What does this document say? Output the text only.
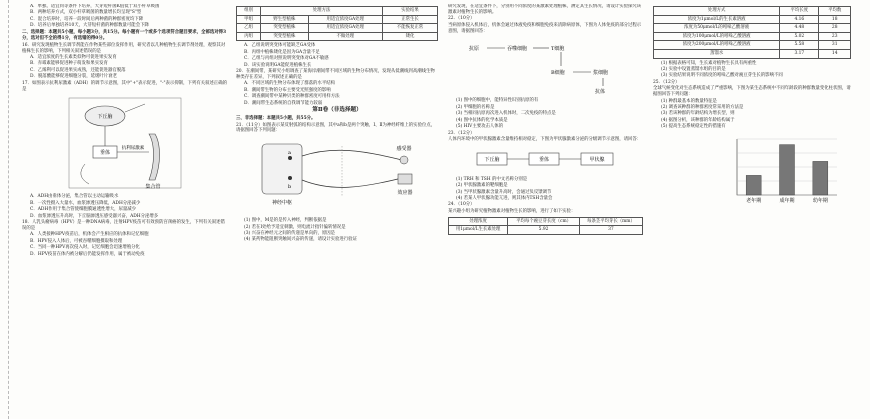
A．单独、适宜同等条件下培养，大芽短杆菌K值低于双小杆草吸菌

B．两种培养方式，双小杆草吸菌的数量增长均呈现"S"型

C．混合培养时，培养一段时间后两种菌的种群密度均下降

D．培养后单独培养10天，大芽短杆菌的种群数量可能会下降

二、选择题：本题共5小题，每小题3分，共15分。每小题有一个或多个选项符合题目要求，全部选对得3分，选对但不全的得1分，有选错的得0分。

16．研究发现植物生长调节剂能在作物某些部位发挥作用，研究者以几种植物生长调节剂处理，观察其对植株生长的影响，下列相关叙述错误的是

A．适宜浓度的生长素类似物可促进果实发育

B．赤霉素能够促进种子萌发和果实发育

C．乙烯利可以促进果实成熟，还能促进器官脱落

D．脱落酸能够促进细胞分裂，延缓叶片衰老

17．如图表示抗利尿激素（ADH）的调节示意图，其中"+"表示促进，"-"表示抑制，下列有关叙述正确的是

下丘脑
垂体
抗利尿激素
集合管

A．ADH由垂体分泌，集合管以主动运输吸水

B．一次性摄入大量水，血浆渗透压降低，ADH分泌减少

C．ADH作用于集合管使细胞膜通透性增大，尿量减少

D．血浆渗透压升高时，下丘脑渗透压感受器兴奋，ADH分泌增多

18．人乳头瘤病毒（HPV）是一种DNA病毒，注射HPV疫苗可有效预防宫颈癌的发生，下列有关叙述错误的是

A．人类接种HPV疫苗后，机体会产生相应的抗体和记忆细胞

B．HPV侵入人体后，可被吞噬细胞摄取和处理

C．当同一种HPV再次侵入时，记忆细胞会迅速增殖分化

D．HPV疫苗在体内被分解后仍能发挥作用，属于被动免疫

组别	处理方法		实验结果
甲组	野生型植株	用适宜浓度GA处理	正常生长
乙组	突变型植株	用适宜浓度GA处理	不能恢复正常
丙组	突变型植株	不做处理	矮化

A．乙组说明突变体可能缺乏GA受体

B．丙组中植株矮化是因为GA含量不足

C．乙组与丙组对照说明突变体对GA不敏感

D．该实验说明GA能促进植株生长

20．在潮间带，某研究小组调查了某海岸潮间带不同区域的生物分布情况，发现从低潮线到高潮线生物种类存在差异，下列叙述正确的是

A．不同区域的生物分布体现了群落的水平结构

B．潮间带生物的分布主要受光照强度的影响

C．调查潮间带中某种贝类的种群密度可用样方法

D．潮间带生态系统的自我调节能力较弱

第Ⅱ卷（非选择题）

三、非选择题：本题共5小题，共55分。

21．（11分）如图表示某反射弧的结构示意图，其中a和b是两个突触，Ⅰ、Ⅱ为神经纤维上的实验位点，请据图回答下列问题：

神经中枢
感受器
效应器
a
b

(1) 图中，M是的是传入神经，判断依据是

(2) 若在Ⅰ处给予适宜刺激，则电流计指针偏转情况是

(3) 兴奋在神经元之间的传递是单向的，原因是

(4) 某药物能阻断突触间兴奋的传递，请设计实验进行验证

研究发现，在适宜条件下，分别用不同浓度的某激素处理植株，测定其生长情况，请设计实验探究该激素对植物生长的影响。

22．（10分）

当病原体侵入机体后，机体会通过体液免疫和细胞免疫来清除病原体，下图为人体免疫的部分过程示意图，请据图回答：

抗原	吞噬细胞	T细胞
B细胞	浆细胞
抗体

(1) 图中的细胞中，能特异性识别抗原的有

(2) 甲细胞的名称是

(3) 当相同抗原再次进入机体时，二次免疫的特点是

(4) 图中抗体的化学本质是

(5) HIV主要攻击人体的

23．（12分）

人体内环境中的甲状腺激素含量维持相对稳定，下图为甲状腺激素分泌的分级调节示意图，请回答：

下丘脑	垂体	甲状腺

(1) TRH 和 TSH 的中文名称分别是

(2) 甲状腺激素的靶细胞是

(3) 当甲状腺激素含量升高时，会通过负反馈调节

(4) 若某人甲状腺功能亢进，则其体内TSH含量会

24．（10分）

某兴趣小组为研究植物激素对植物生长的影响，进行了如下实验：

处理浓度	平均每个豌豆芽长度（cm）	每条茎平均芽长（mm）
用1μmol/L生长素处理	5.92	37
处理方式	平均长度	平均数
浓度为1μmol/L的生长素溶液	4.16	18
浓度为50μmol/L的吲哚乙酸溶液	4.48	28
浓度为100μmol/L的吲哚乙酸溶液	5.02	23
浓度为200μmol/L的吲哚乙酸溶液	5.58	31
蒸馏水	3.17	14

(1) 根据表格可知，生长素对植物生长具有两重性

(2) 实验中设置蒸馏水组的目的是

(3) 实验结果说明不同浓度的吲哚乙酸对豌豆芽生长的影响不同

25．（12分）

全球气候变化对生态系统造成了严重影响，下图为某生态系统中不同年龄段的种群数量变化柱状图，请据图回答下列问题：

(1) 种群最基本的数量特征是

(2) 调查该种群的种群密度常采用的方法是

(3) 若该种群的年龄结构为增长型，则

(4) 据图分析，该种群的年龄结构属于

(5) 提高生态系统稳定性的措施有

老年期	成年期	幼年期
